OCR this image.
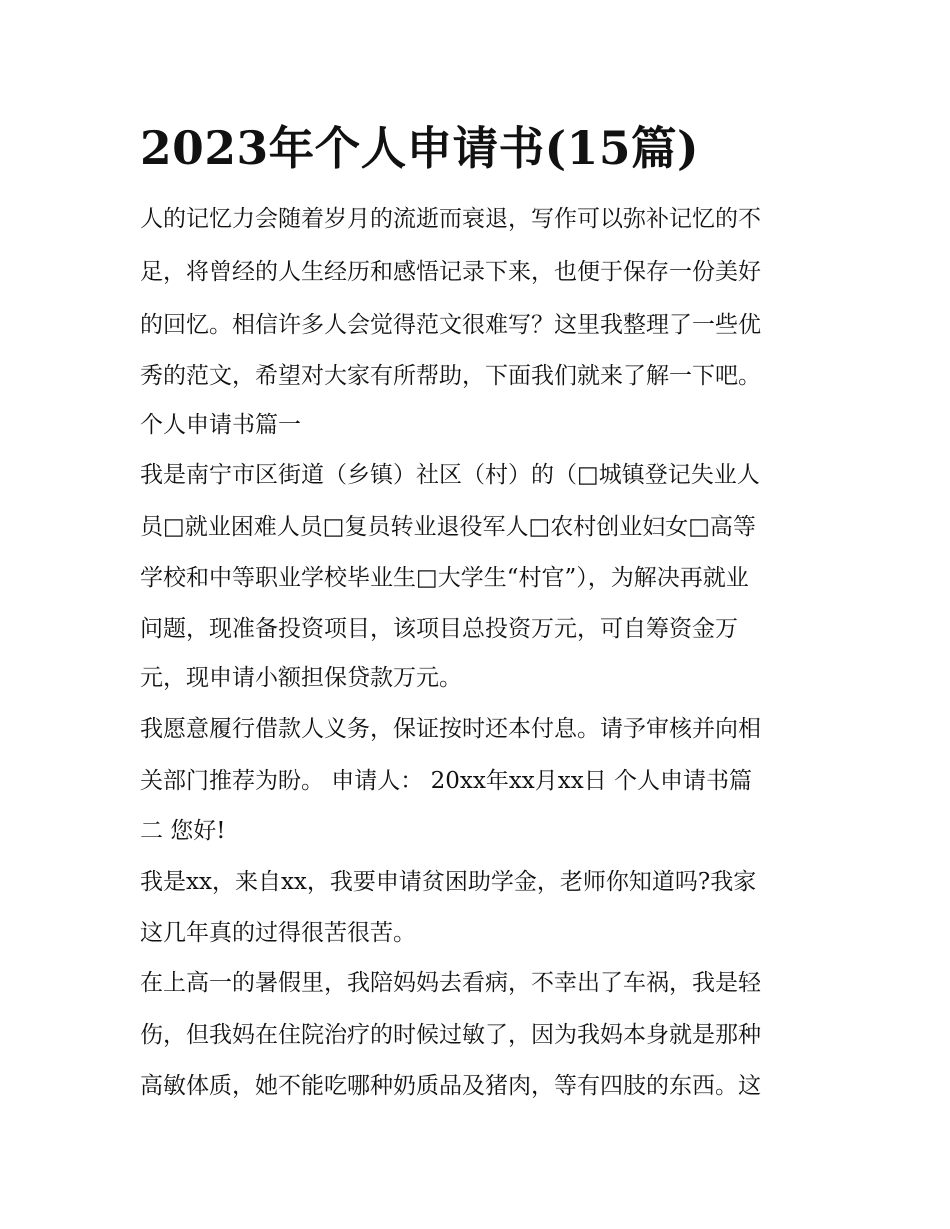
2023年个人申请书(15篇)

人的记忆力会随着岁月的流逝而衰退，写作可以弥补记忆的不

足，将曾经的人生经历和感悟记录下来，也便于保存一份美好

的回忆。相信许多人会觉得范文很难写？这里我整理了一些优

秀的范文，希望对大家有所帮助，下面我们就来了解一下吧。

个人申请书篇一

我是南宁市区街道（乡镇）社区（村）的（□城镇登记失业人

员□就业困难人员□复员转业退役军人□农村创业妇女□高等

学校和中等职业学校毕业生□大学生“村官”），为解决再就业

问题，现准备投资项目，该项目总投资万元，可自筹资金万

元，现申请小额担保贷款万元。

我愿意履行借款人义务，保证按时还本付息。请予审核并向相

关部门推荐为盼。 申请人： 20xx年xx月xx日 个人申请书篇

二 您好!

我是xx，来自xx，我要申请贫困助学金，老师你知道吗?我家

这几年真的过得很苦很苦。

在上高一的暑假里，我陪妈妈去看病，不幸出了车祸，我是轻

伤，但我妈在住院治疗的时候过敏了，因为我妈本身就是那种

高敏体质，她不能吃哪种奶质品及猪肉，等有四肢的东西。这
